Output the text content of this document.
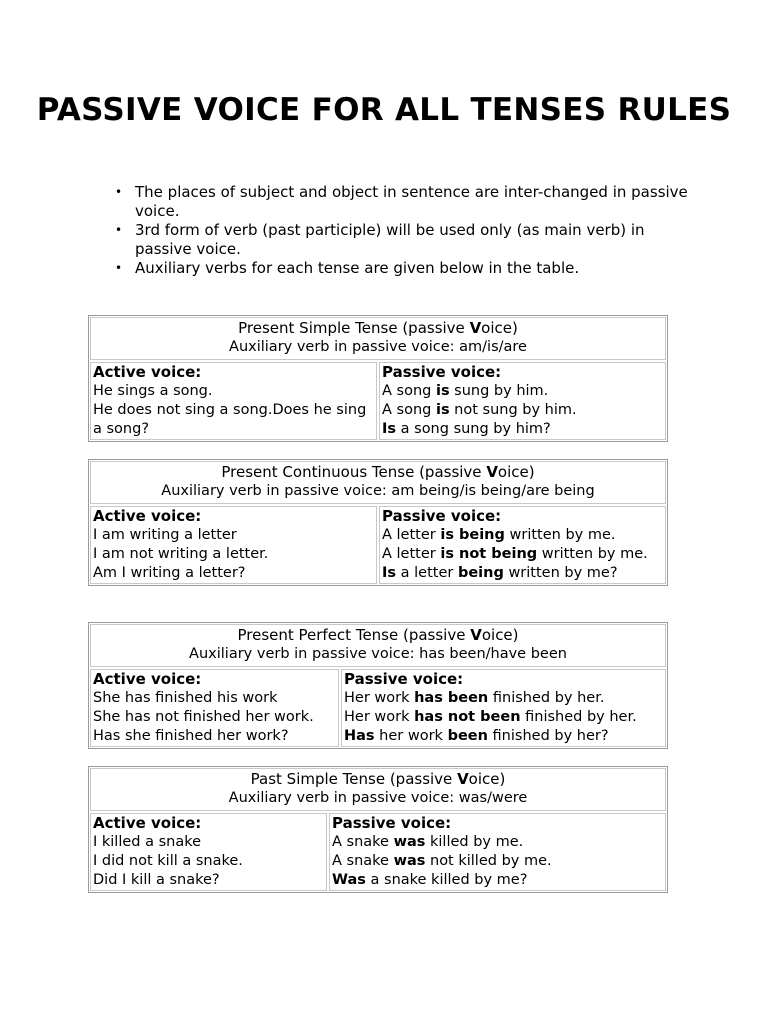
PASSIVE VOICE FOR ALL TENSES RULES
• The places of subject and object in sentence are inter-changed in passive voice.
• 3rd form of verb (past participle) will be used only (as main verb) in passive voice.
• Auxiliary verbs for each tense are given below in the table.
Present Simple Tense (passive Voice)
Auxiliary verb in passive voice: am/is/are
Active voice:
He sings a song.
He does not sing a song.Does he sing a song?
Passive voice:
A song is sung by him.
A song is not sung by him.
Is a song sung by him?
Present Continuous Tense (passive Voice)
Auxiliary verb in passive voice: am being/is being/are being
Active voice:
I am writing a letter
I am not writing a letter.
Am I writing a letter?
Passive voice:
A letter is being written by me.
A letter is not being written by me.
Is a letter being written by me?
Present Perfect Tense (passive Voice)
Auxiliary verb in passive voice: has been/have been
Active voice:
She has finished his work
She has not finished her work.
Has she finished her work?
Passive voice:
Her work has been finished by her.
Her work has not been finished by her.
Has her work been finished by her?
Past Simple Tense (passive Voice)
Auxiliary verb in passive voice: was/were
Active voice:
I killed a snake
I did not kill a snake.
Did I kill a snake?
Passive voice:
A snake was killed by me.
A snake was not killed by me.
Was a snake killed by me?
